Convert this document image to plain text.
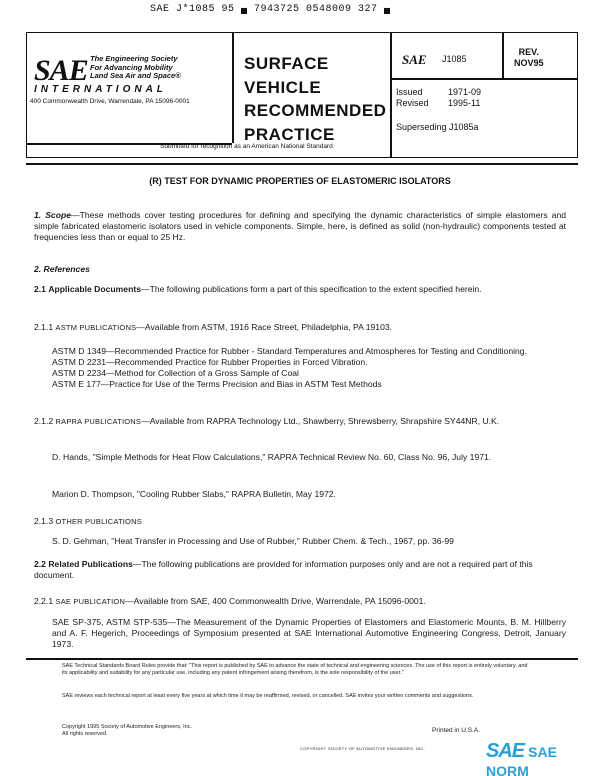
SAE J*1085 95 ▄ 7943725 0548009 327 ▄
SAE The Engineering Society
For Advancing Mobility
Land Sea Air and Space®
INTERNATIONAL
400 Commonwealth Drive, Warrendale, PA 15096-0001
SURFACE
VEHICLE
RECOMMENDED
PRACTICE
SAE J1085
REV.
NOV95
Issued	1971-09
Revised 1995-11
Superseding J1085a
Submitted for recognition as an American National Standard
(R) TEST FOR DYNAMIC PROPERTIES OF ELASTOMERIC ISOLATORS
1. Scope—These methods cover testing procedures for defining and specifying the dynamic characteristics of simple elastomers and simple fabricated elastomeric isolators used in vehicle components. Simple, here, is defined as solid (non-hydraulic) components tested at frequencies less than or equal to 25 Hz.
2. References
2.1 Applicable Documents—The following publications form a part of this specification to the extent specified herein.
2.1.1 ASTM PUBLICATIONS—Available from ASTM, 1916 Race Street, Philadelphia, PA 19103.
ASTM D 1349—Recommended Practice for Rubber - Standard Temperatures and Atmospheres for Testing and Conditioning.
ASTM D 2231—Recommended Practice for Rubber Properties in Forced Vibration.
ASTM D 2234—Method for Collection of a Gross Sample of Coal
ASTM E 177—Practice for Use of the Terms Precision and Bias in ASTM Test Methods
2.1.2 RAPRA PUBLICATIONS—Available from RAPRA Technology Ltd., Shawberry, Shrewsberry, Shrapshire SY44NR, U.K.
D. Hands, "Simple Methods for Heat Flow Calculations," RAPRA Technical Review No. 60, Class No. 96, July 1971.
Marion D. Thompson, "Cooling Rubber Slabs," RAPRA Bulletin, May 1972.
2.1.3 OTHER PUBLICATIONS
S. D. Gehman, "Heat Transfer in Processing and Use of Rubber," Rubber Chem. & Tech., 1967, pp. 36-99
2.2 Related Publications—The following publications are provided for information purposes only and are not a required part of this document.
2.2.1 SAE PUBLICATION—Available from SAE, 400 Commonwealth Drive, Warrendale, PA 15096-0001.
SAE SP-375, ASTM STP-535—The Measurement of the Dynamic Properties of Elastomers and Elastomeric Mounts, B. M. Hillberry and A. F. Hegerich, Proceedings of Symposium presented at SAE International Automotive Engineering Congress, Detroit, January 1973.
SAE Technical Standards Board Rules provide that: "This report is published by SAE to advance the state of technical and engineering sciences. The use of this report is entirely voluntary, and its applicability and suitability for any particular use, including any patent infringement arising therefrom, is the sole responsibility of the user."
SAE reviews each technical report at least every five years at which time it may be reaffirmed, revised, or cancelled. SAE invites your written comments and suggestions.
Copyright 1995 Society of Automotive Engineers, Inc.
All rights reserved.	Printed in U.S.A.
COPYRIGHT SOCIETY OF AUTOMOTIVE ENGINEERS, INC.	SAE SAE NORM
